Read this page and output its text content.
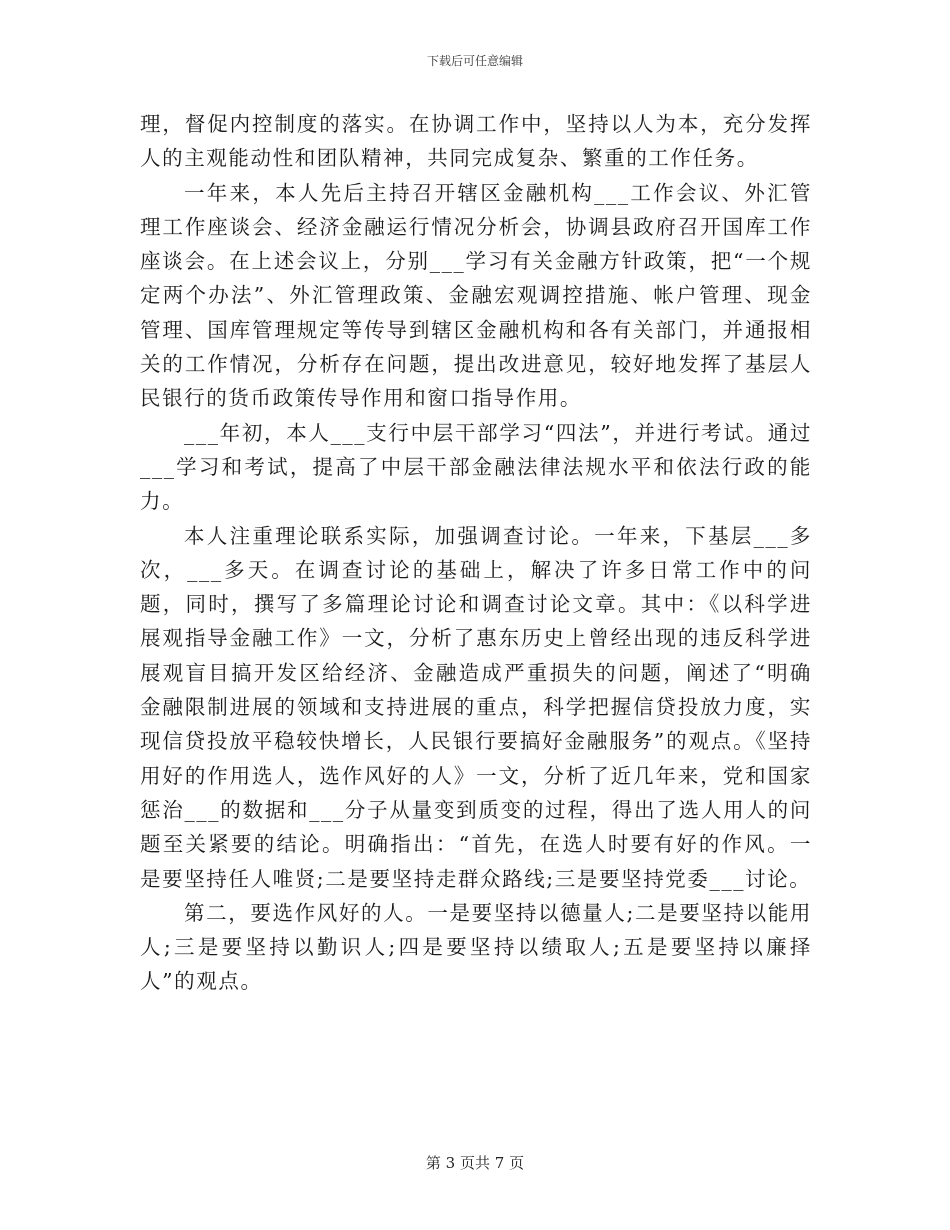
下载后可任意编辑

理，督促内控制度的落实。在协调工作中，坚持以人为本，充分发挥人的主观能动性和团队精神，共同完成复杂、繁重的工作任务。

一年来，本人先后主持召开辖区金融机构___工作会议、外汇管理工作座谈会、经济金融运行情况分析会，协调县政府召开国库工作座谈会。在上述会议上，分别___学习有关金融方针政策，把“一个规定两个办法”、外汇管理政策、金融宏观调控措施、帐户管理、现金管理、国库管理规定等传导到辖区金融机构和各有关部门，并通报相关的工作情况，分析存在问题，提出改进意见，较好地发挥了基层人民银行的货币政策传导作用和窗口指导作用。

___年初，本人___支行中层干部学习“四法”，并进行考试。通过___学习和考试，提高了中层干部金融法律法规水平和依法行政的能力。

本人注重理论联系实际，加强调查讨论。一年来，下基层___多次，___多天。在调查讨论的基础上，解决了许多日常工作中的问题，同时，撰写了多篇理论讨论和调查讨论文章。其中：《以科学进展观指导金融工作》一文，分析了惠东历史上曾经出现的违反科学进展观盲目搞开发区给经济、金融造成严重损失的问题，阐述了“明确金融限制进展的领域和支持进展的重点，科学把握信贷投放力度，实现信贷投放平稳较快增长，人民银行要搞好金融服务”的观点。《坚持用好的作用选人，选作风好的人》一文，分析了近几年来，党和国家惩治___的数据和___分子从量变到质变的过程，得出了选人用人的问题至关紧要的结论。明确指出：“首先，在选人时要有好的作风。一是要坚持任人唯贤;二是要坚持走群众路线;三是要坚持党委___讨论。

第二，要选作风好的人。一是要坚持以德量人;二是要坚持以能用人;三是要坚持以勤识人;四是要坚持以绩取人;五是要坚持以廉择人”的观点。

第 3 页共 7 页
